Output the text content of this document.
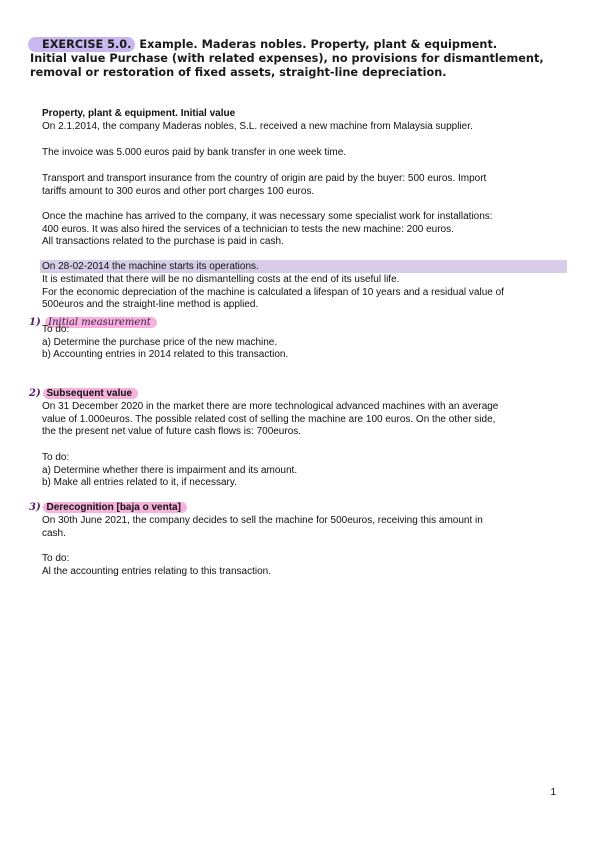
EXERCISE 5.0. Example. Maderas nobles. Property, plant & equipment.
Initial value Purchase (with related expenses), no provisions for dismantlement,
removal or restoration of fixed assets, straight-line depreciation.
Property, plant & equipment. Initial value
On 2.1.2014, the company Maderas nobles, S.L. received a new machine from Malaysia supplier.
The invoice was 5.000 euros paid by bank transfer in one week time.
Transport and transport insurance from the country of origin are paid by the buyer: 500 euros. Import
tariffs amount to 300 euros and other port charges 100 euros.
Once the machine has arrived to the company, it was necessary some specialist work for installations:
400 euros. It was also hired the services of a technician to tests the new machine: 200 euros.
All transactions related to the purchase is paid in cash.
On 28-02-2014 the machine starts its operations.
It is estimated that there will be no dismantelling costs at the end of its useful life.
For the economic depreciation of the machine is calculated a lifespan of 10 years and a residual value of
500euros and the straight-line method is applied.
1) Initial measurement
To do:
a) Determine the purchase price of the new machine.
b) Accounting entries in 2014 related to this transaction.
2) Subsequent value
On 31 December 2020 in the market there are more technological advanced machines with an average
value of 1.000euros. The possible related cost of selling the machine are 100 euros. On the other side,
the the present net value of future cash flows is: 700euros.
To do:
a) Determine whether there is impairment and its amount.
b) Make all entries related to it, if necessary.
3) Derecognition [baja o venta]
On 30th June 2021, the company decides to sell the machine for 500euros, receiving this amount in
cash.
To do:
Al the accounting entries relating to this transaction.
1
